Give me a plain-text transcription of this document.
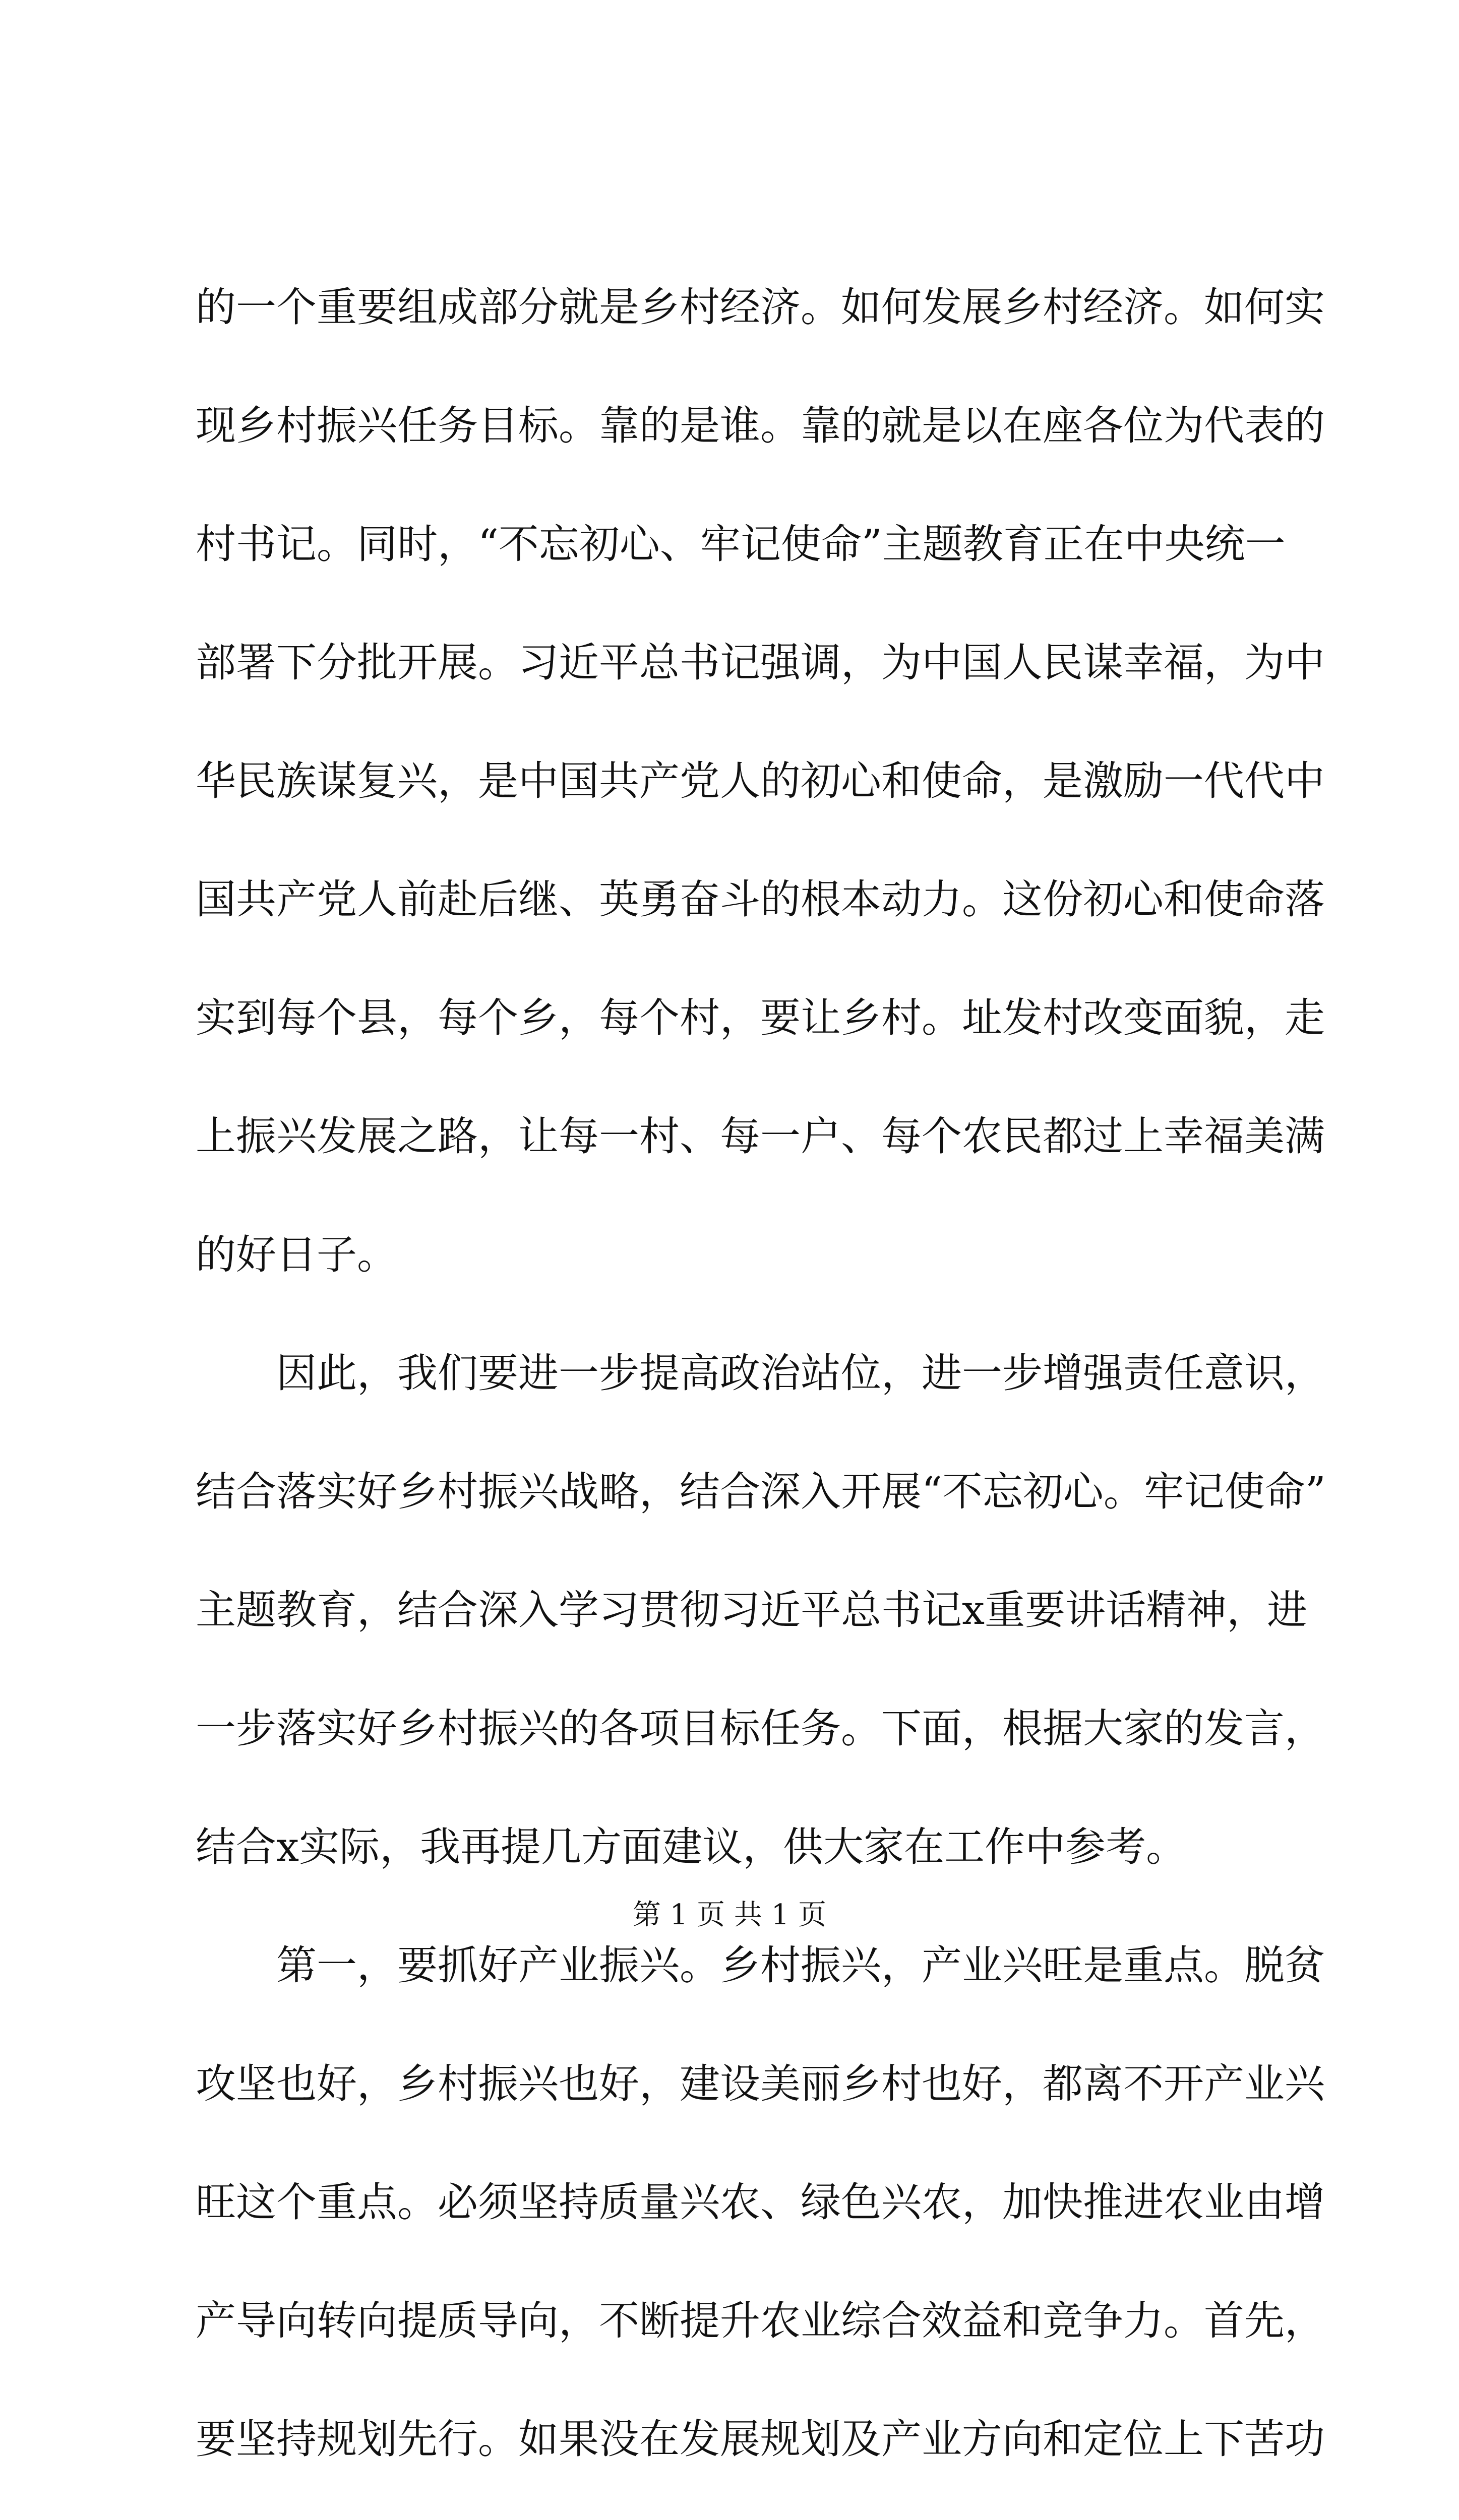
的一个重要组成部分就是乡村经济。如何发展乡村经济。如何实
现乡村振兴任务目标。靠的是谁。靠的就是以在座各位为代表的
村书记。同时，“不忘初心、牢记使命”主题教育正在中央统一
部署下分批开展。习近平总书记强调，为中国人民谋幸福，为中
华民族谋复兴，是中国共产党人的初心和使命，是激励一代代中
国共产党人前赴后继、英勇奋斗的根本动力。这份初心和使命落
实到每个县，每个乡，每个村，要让乡村。址发村改变面貌，走
上振兴发展之路，让每一村、每一户、每个农民都过上幸福美满
的好日子。
　　因此，我们要进一步提高政治站位，进一步增强责任意识，
结合落实好乡村振兴战略，结合深入开展“不忘初心。牢记使命”
主题教育，结合深入学习贯彻习近平总书记x重要讲话精神，进
一步落实好乡村振兴的各项目标任务。下面，根据大家的发言，
结合x实际，我再提几方面建议，供大家在工作中参考。
　　第一，要抓好产业振兴。乡村振兴，产业兴旺是重点。脱贫
攻坚也好，乡村振兴也好，建设美丽乡村也好，都离不开产业兴
旺这个重点。必须坚持质量兴农、绿色兴农，加快推进农业由增
产导向转向提质导向，不断提升农业综合效益和竞争力。首先，
要坚持规划先行。如果没在发展规划及产业方向和定位上下苦功
第 1 页 共 1 页
